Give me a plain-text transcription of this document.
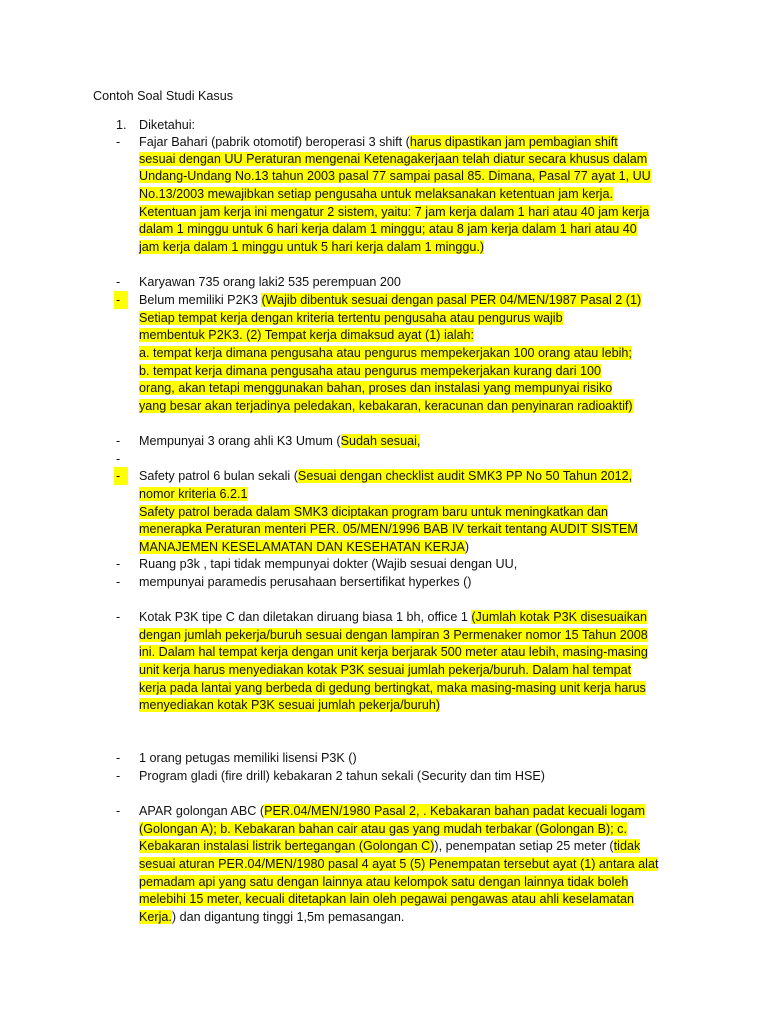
Contoh Soal Studi Kasus
1. Diketahui:
- Fajar Bahari (pabrik otomotif) beroperasi 3 shift (harus dipastikan jam pembagian shift
sesuai dengan UU Peraturan mengenai Ketenagakerjaan telah diatur secara khusus dalam
Undang-Undang No.13 tahun 2003 pasal 77 sampai pasal 85. Dimana, Pasal 77 ayat 1, UU
No.13/2003 mewajibkan setiap pengusaha untuk melaksanakan ketentuan jam kerja.
Ketentuan jam kerja ini mengatur 2 sistem, yaitu: 7 jam kerja dalam 1 hari atau 40 jam kerja
dalam 1 minggu untuk 6 hari kerja dalam 1 minggu; atau 8 jam kerja dalam 1 hari atau 40
jam kerja dalam 1 minggu untuk 5 hari kerja dalam 1 minggu.)
- Karyawan 735 orang laki2 535 perempuan 200
-	Belum memiliki P2K3 (Wajib dibentuk sesuai dengan pasal PER 04/MEN/1987 Pasal 2 (1)
Setiap tempat kerja dengan kriteria tertentu pengusaha atau pengurus wajib
membentuk P2K3. (2) Tempat kerja dimaksud ayat (1) ialah:
a. tempat kerja dimana pengusaha atau pengurus mempekerjakan 100 orang atau lebih;
b. tempat kerja dimana pengusaha atau pengurus mempekerjakan kurang dari 100
orang, akan tetapi menggunakan bahan, proses dan instalasi yang mempunyai risiko
yang besar akan terjadinya peledakan, kebakaran, keracunan dan penyinaran radioaktif)
- Mempunyai 3 orang ahli K3 Umum (Sudah sesuai,
-
-	Safety patrol 6 bulan sekali (Sesuai dengan checklist audit SMK3 PP No 50 Tahun 2012,
nomor kriteria 6.2.1
Safety patrol berada dalam SMK3 diciptakan program baru untuk meningkatkan dan
menerapka Peraturan menteri PER. 05/MEN/1996 BAB IV terkait tentang AUDIT SISTEM
MANAJEMEN KESELAMATAN DAN KESEHATAN KERJA)
- Ruang p3k , tapi tidak mempunyai dokter (Wajib sesuai dengan UU,
- mempunyai paramedis perusahaan bersertifikat hyperkes ()
- Kotak P3K tipe C dan diletakan diruang biasa 1 bh, office 1 (Jumlah kotak P3K disesuaikan
dengan jumlah pekerja/buruh sesuai dengan lampiran 3 Permenaker nomor 15 Tahun 2008
ini. Dalam hal tempat kerja dengan unit kerja berjarak 500 meter atau lebih, masing-masing
unit kerja harus menyediakan kotak P3K sesuai jumlah pekerja/buruh. Dalam hal tempat
kerja pada lantai yang berbeda di gedung bertingkat, maka masing-masing unit kerja harus
menyediakan kotak P3K sesuai jumlah pekerja/buruh)
- 1 orang petugas memiliki lisensi P3K ()
- Program gladi (fire drill) kebakaran 2 tahun sekali (Security dan tim HSE)
- APAR golongan ABC (PER.04/MEN/1980 Pasal 2, . Kebakaran bahan padat kecuali logam
(Golongan A); b. Kebakaran bahan cair atau gas yang mudah terbakar (Golongan B); c.
Kebakaran instalasi listrik bertegangan (Golongan C)), penempatan setiap 25 meter (tidak
sesuai aturan PER.04/MEN/1980 pasal 4 ayat 5 (5) Penempatan tersebut ayat (1) antara alat
pemadam api yang satu dengan lainnya atau kelompok satu dengan lainnya tidak boleh
melebihi 15 meter, kecuali ditetapkan lain oleh pegawai pengawas atau ahli keselamatan
Kerja.) dan digantung tinggi 1,5m pemasangan.
